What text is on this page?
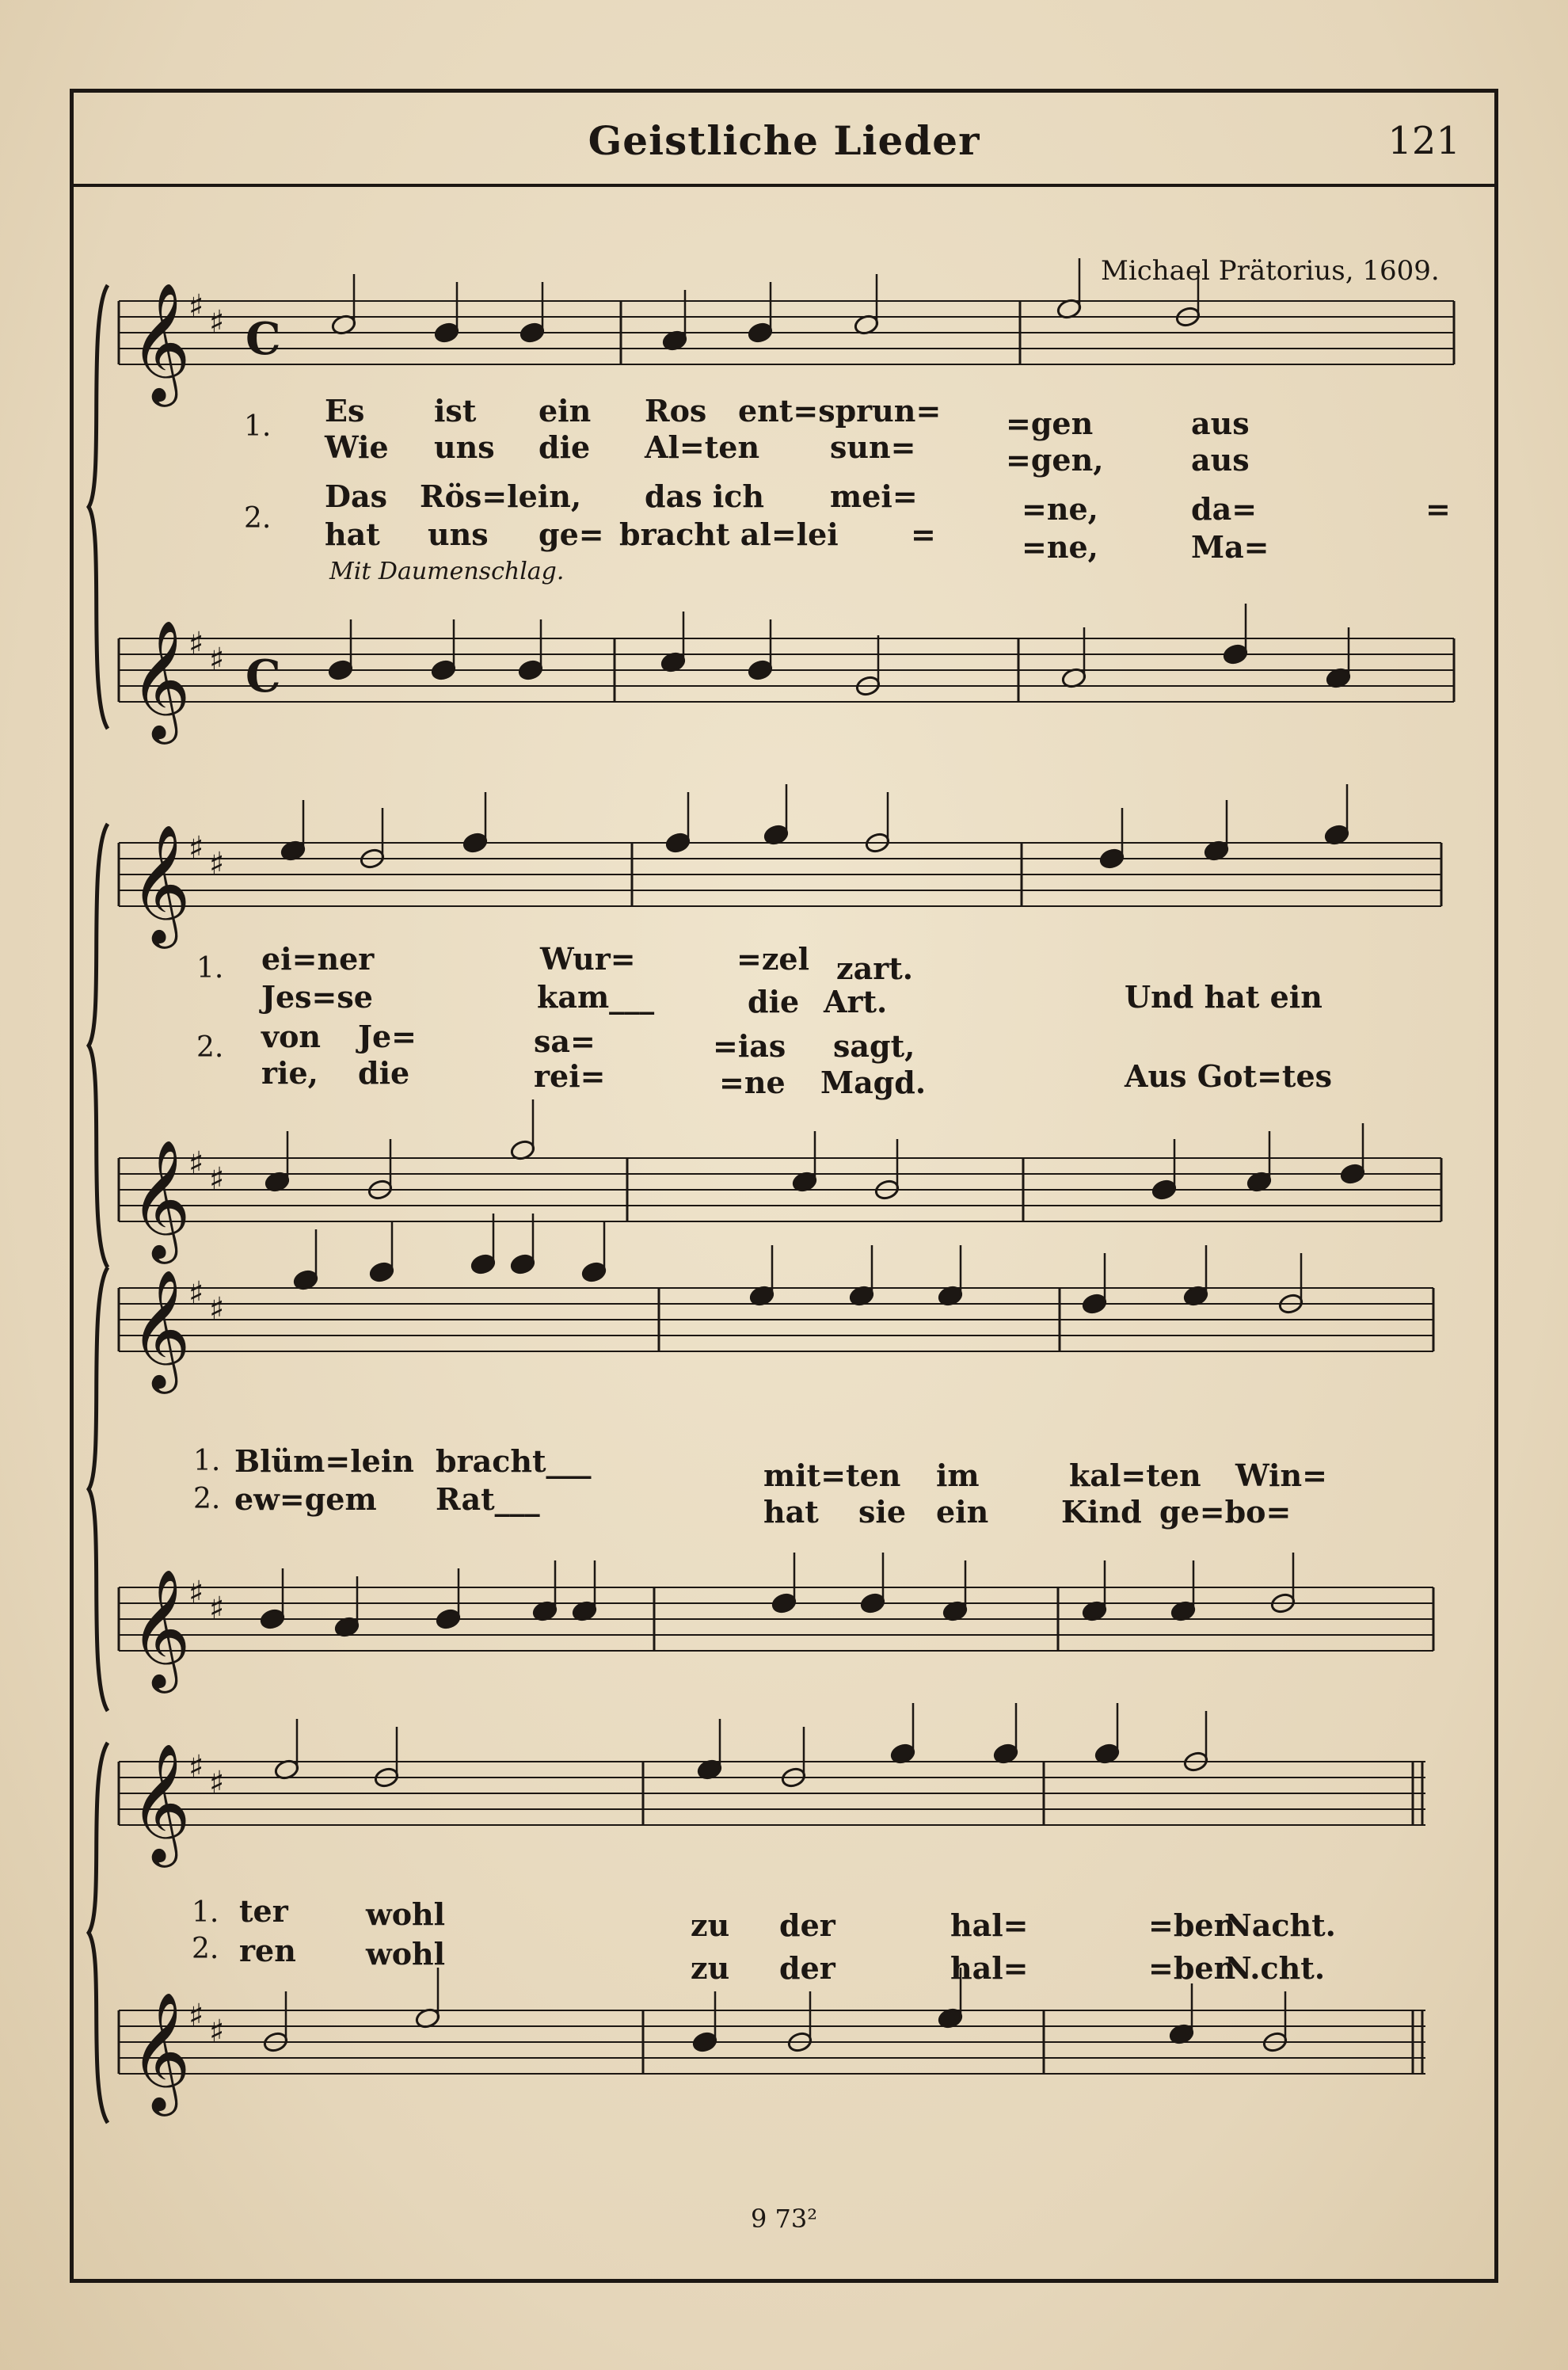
Geistliche Lieder	121
Michael Prätorius, 1609.
𝄞
♯ ♯
𝄞
♯ ♯
C
C
𝄞
♯ ♯
𝄞
♯ ♯
𝄞
♯ ♯
𝄞
♯ ♯
𝄞
♯ ♯
𝄞
♯ ♯
1.
2.
Es ist ein Ros ent=sprun= =gen	aus
Wie uns die Al=ten sun=	=gen,	aus
Das Rös=lein, das ich mei=	=ne,	da=	=
hat uns ge= bracht al=lei =	=ne,	Ma=
Mit Daumenschlag.
1.
2.
ei=ner	Wur=	=zel zart.
Jes=se	kam___	die Art.
von Je=	sa=	=ias sagt,
rie, die	rei=	=ne Magd.
Und hat ein
Aus Got=tes
1.
2.
Blüm=lein bracht___	mit=ten im	kal=ten Win=
ew=gem Rat___	hat sie ein Kind ge=bo=
1.
2.
ter	wohl	zu der	hal=	=ben
Nacht.
ren wohl	zu der	hal=	=ben
N.cht.
9 73²
